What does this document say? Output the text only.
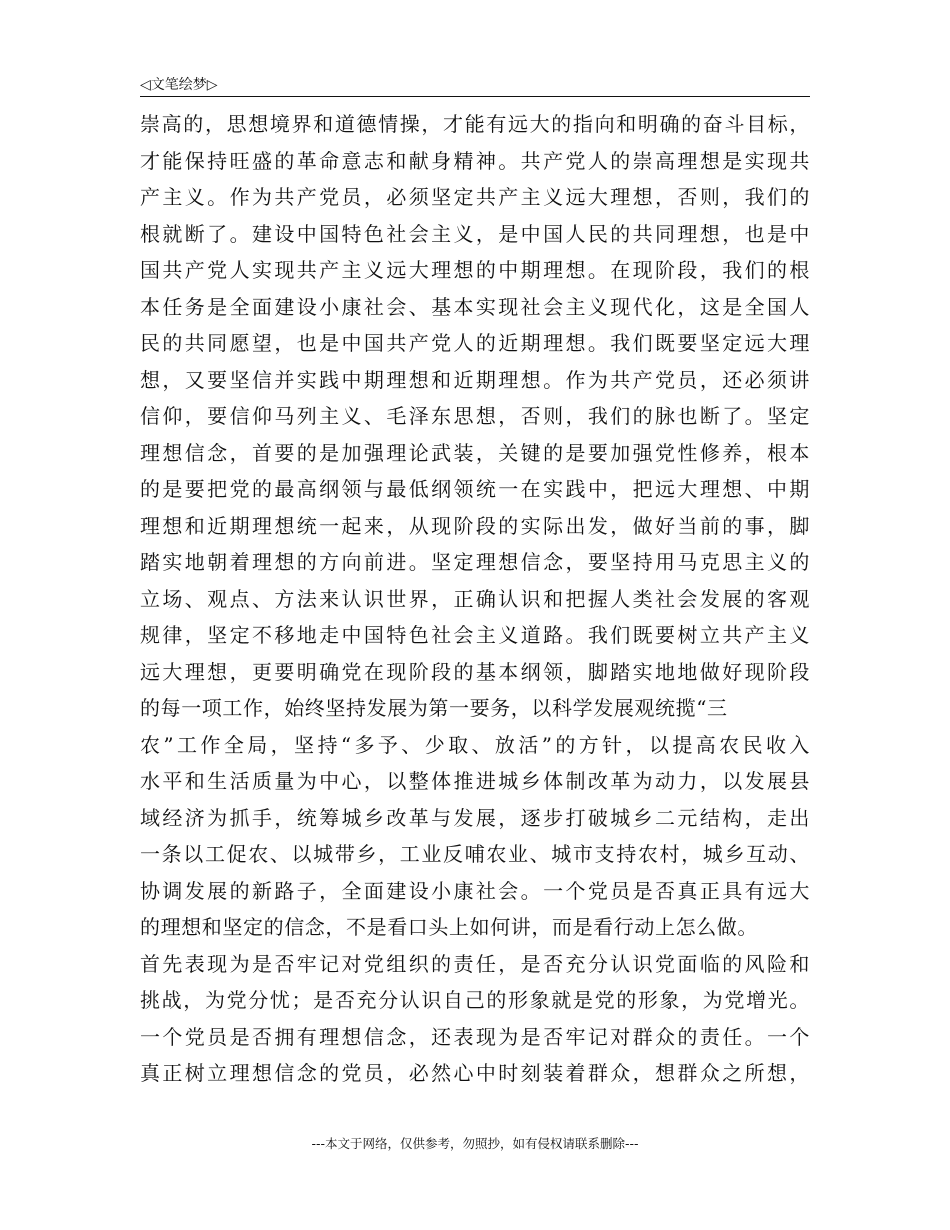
◁文笔绘梦▷
崇高的，思想境界和道德情操，才能有远大的指向和明确的奋斗目标，
才能保持旺盛的革命意志和献身精神。共产党人的崇高理想是实现共
产主义。作为共产党员，必须坚定共产主义远大理想，否则，我们的
根就断了。建设中国特色社会主义，是中国人民的共同理想，也是中
国共产党人实现共产主义远大理想的中期理想。在现阶段，我们的根
本任务是全面建设小康社会、基本实现社会主义现代化，这是全国人
民的共同愿望，也是中国共产党人的近期理想。我们既要坚定远大理
想，又要坚信并实践中期理想和近期理想。作为共产党员，还必须讲
信仰，要信仰马列主义、毛泽东思想，否则，我们的脉也断了。坚定
理想信念，首要的是加强理论武装，关键的是要加强党性修养，根本
的是要把党的最高纲领与最低纲领统一在实践中，把远大理想、中期
理想和近期理想统一起来，从现阶段的实际出发，做好当前的事，脚
踏实地朝着理想的方向前进。坚定理想信念，要坚持用马克思主义的
立场、观点、方法来认识世界，正确认识和把握人类社会发展的客观
规律，坚定不移地走中国特色社会主义道路。我们既要树立共产主义
远大理想，更要明确党在现阶段的基本纲领，脚踏实地地做好现阶段
的每一项工作，始终坚持发展为第一要务，以科学发展观统揽“三
农”工作全局，坚持“多予、少取、放活”的方针，以提高农民收入
水平和生活质量为中心，以整体推进城乡体制改革为动力，以发展县
域经济为抓手，统筹城乡改革与发展，逐步打破城乡二元结构，走出
一条以工促农、以城带乡，工业反哺农业、城市支持农村，城乡互动、
协调发展的新路子，全面建设小康社会。一个党员是否真正具有远大
的理想和坚定的信念，不是看口头上如何讲，而是看行动上怎么做。
首先表现为是否牢记对党组织的责任，是否充分认识党面临的风险和
挑战，为党分忧；是否充分认识自己的形象就是党的形象，为党增光。
一个党员是否拥有理想信念，还表现为是否牢记对群众的责任。一个
真正树立理想信念的党员，必然心中时刻装着群众，想群众之所想，
---本文于网络，仅供参考，勿照抄，如有侵权请联系删除---
